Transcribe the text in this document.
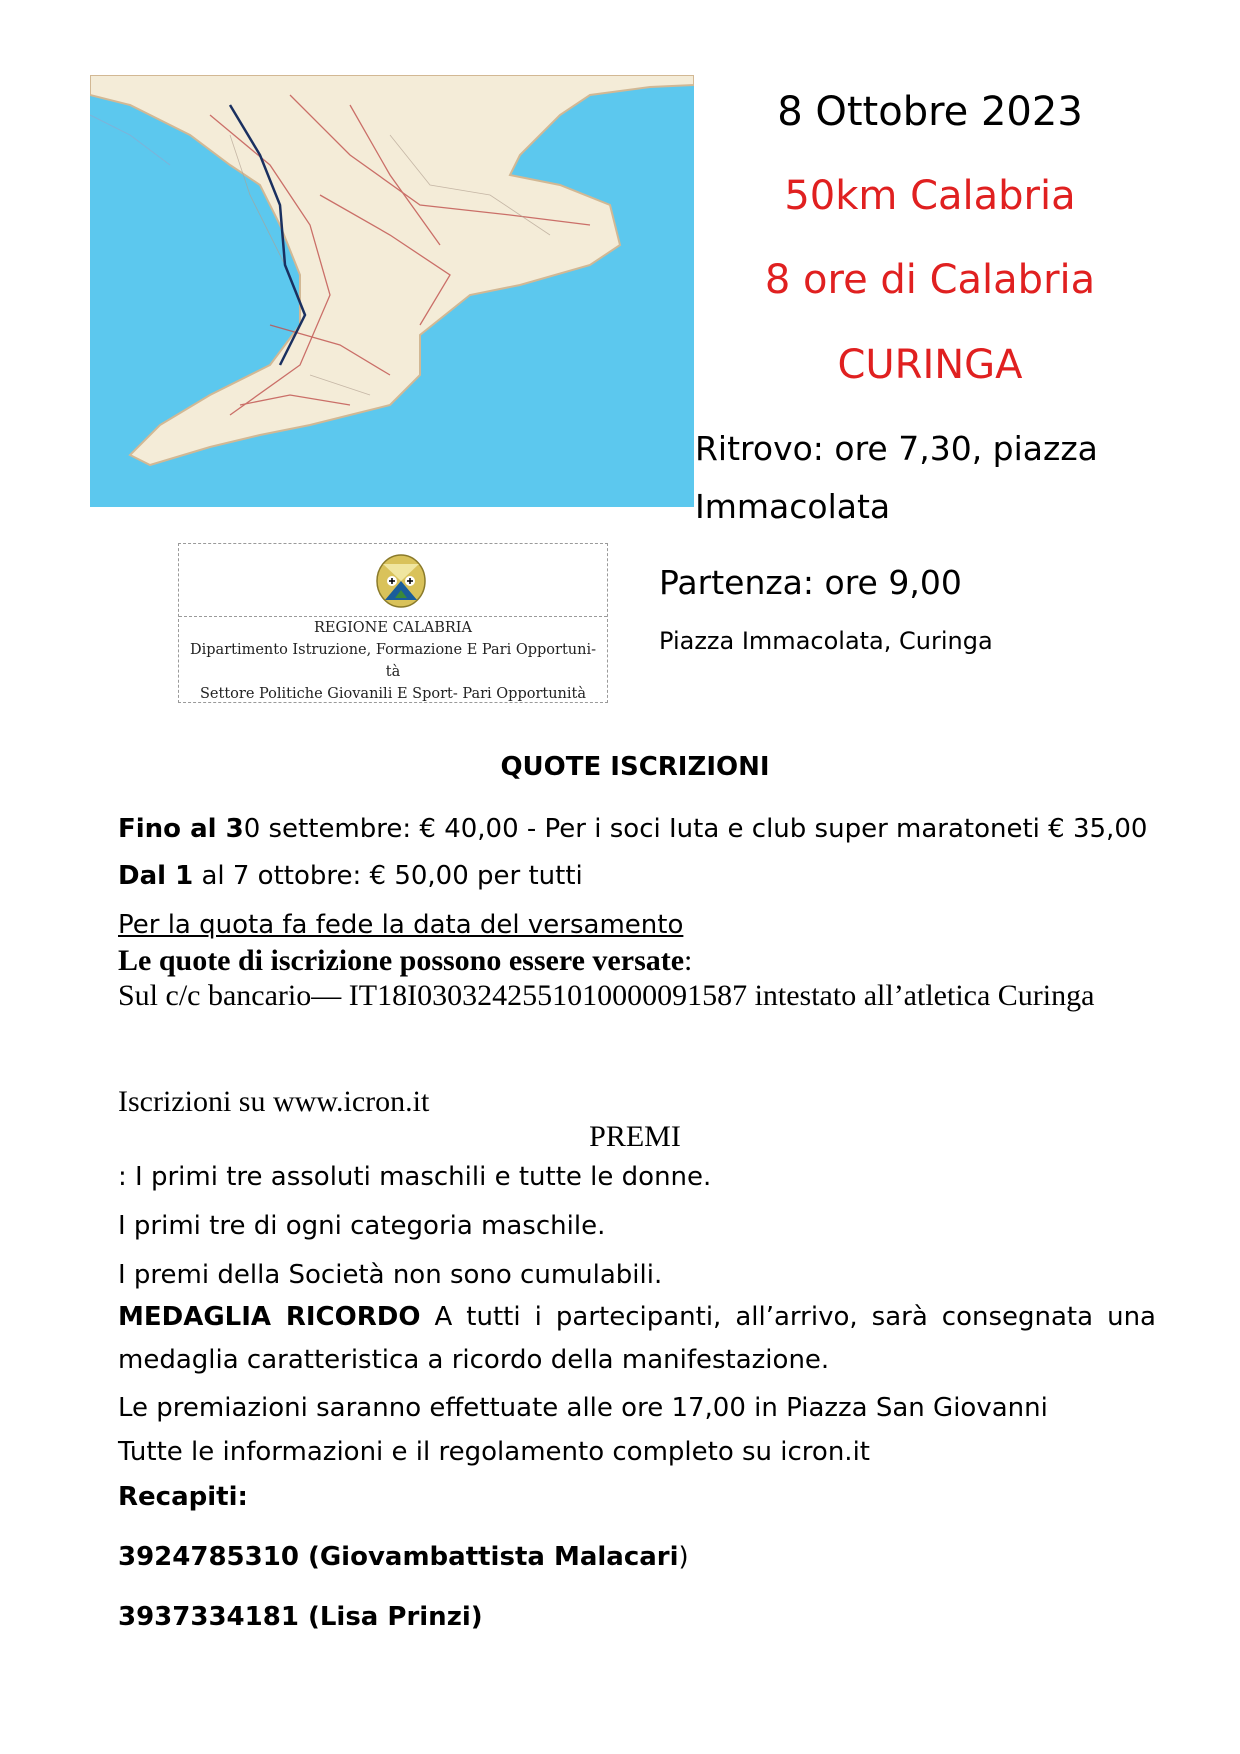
8 Ottobre 2023
50km Calabria
8 ore di Calabria
CURINGA
Ritrovo: ore 7,30, piazza
Immacolata
Partenza: ore 9,00
Piazza Immacolata, Curinga
REGIONE CALABRIA
Dipartimento Istruzione, Formazione E Pari Opportuni-
tà
Settore Politiche Giovanili E Sport- Pari Opportunità
QUOTE ISCRIZIONI
Fino al 30 settembre: € 40,00 - Per i soci Iuta e club super maratoneti € 35,00
Dal 1 al 7 ottobre: € 50,00 per tutti
Per la quota fa fede la data del versamento
Le quote di iscrizione possono essere versate:
Sul c/c bancario— IT18I0303242551010000091587 intestato all’atletica Curinga
Iscrizioni su www.icron.it
PREMI
: I primi tre assoluti maschili e tutte le donne.
I primi tre di ogni categoria maschile.
I premi della Società non sono cumulabili.
MEDAGLIA RICORDO A tutti i partecipanti, all’arrivo, sarà consegnata una medaglia caratteristica a ricordo della manifestazione.
Le premiazioni saranno effettuate alle ore 17,00 in Piazza San Giovanni
Tutte le informazioni e il regolamento completo su icron.it
Recapiti:
3924785310 (Giovambattista Malacari)
3937334181 (Lisa Prinzi)
